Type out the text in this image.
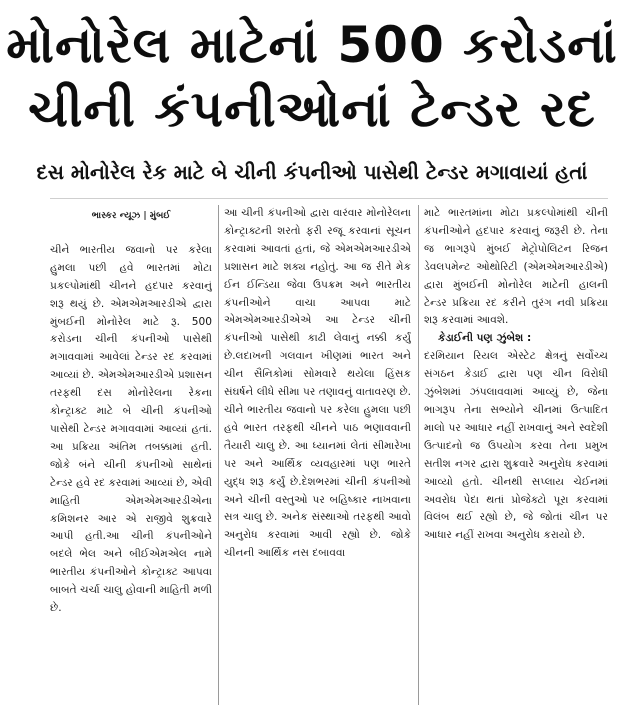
મોનોરેલ માટેનાં 500 કરોડનાં
ચીની કંપનીઓનાં ટેન્ડર રદ
દસ મોનોરેલ રેક માટે બે ચીની કંપનીઓ પાસેથી ટેન્ડર મગાવાયાં હતાં
ભાસ્કર ન્યૂઝ | મુંબઈ

ચીને ભારતીય જવાનો પર કરેલા હુમલા પછી હવે ભારતમાં મોટા પ્રકલ્પોમાંથી ચીનને હદપાર કરવાનું શરૂ થયું છે. એમએમઆરડીએ દ્વારા મુંબઈની મોનોરેલ માટે રૂ. 500 કરોડના ચીની કંપનીઓ પાસેથી મગાવવામાં આવેલાં ટેન્ડર રદ કરવામાં આવ્યાં છે. એમએમઆરડીએ પ્રશાસન તરફથી દસ મોનોરેલના રેકના કોન્ટ્રાક્ટ માટે બે ચીની કંપનીઓ પાસેથી ટેન્ડર મગાવવામાં આવ્યાં હતાં. આ પ્રક્રિયા અંતિમ તબક્કામાં હતી. જોકે બંને ચીની કંપનીઓ સાથેનાં ટેન્ડર હવે રદ કરવામાં આવ્યાં છે, એવી માહિતી એમએમઆરડીએના કમિશનર આર એ રાજીવે શુક્રવારે આપી હતી.આ ચીની કંપનીઓને બદલે ભેલ અને બીઈએમએલ નામે ભારતીય કંપનીઓને કોન્ટ્રાક્ટ આપવા બાબતે ચર્ચા ચાલુ હોવાની માહિતી મળી છે.

આ ચીની કંપનીઓ દ્વારા વારંવાર મોનોરેલના કોન્ટ્રાક્ટની શરતો ફરી રજૂ કરવાનાં સૂચન કરવામાં આવતાં હતાં, જે એમએમઆરડીએ પ્રશાસન માટે શક્ય નહોતું. આ જ રીતે મેક ઈન ઈન્ડિયા જેવા ઉપક્રમ અને ભારતીય કંપનીઓને વાચા આપવા માટે એમએમઆરડીએએ આ ટેન્ડર ચીની કંપનીઓ પાસેથી કાઢી લેવાનું નક્કી કર્યું છે.લદાખની ગલવાન ખીણમાં ભારત અને ચીન સૈનિકોમાં સોમવારે થયેલા હિંસક સંઘર્ષને લીધે સીમા પર તણાવનું વાતાવરણ છે. ચીને ભારતીય જવાનો પર કરેલા હુમલા પછી હવે ભારત તરફથી ચીનને પાઠ ભણાવવાની તૈયારી ચાલુ છે. આ ધ્યાનમાં લેતાં સીમારેખા પર અને આર્થિક વ્યવહારમાં પણ ભારતે યુદ્ધ શરૂ કર્યું છે.દેશભરમાં ચીની કંપનીઓ અને ચીની વસ્તુઓ પર બહિષ્કાર નાખવાના સત્ર ચાલુ છે. અનેક સંસ્થાઓ તરફથી આવો અનુરોધ કરવામાં આવી રહ્યો છે. જોકે ચીનની આર્થિક નસ દબાવવા

માટે ભારતમાંના મોટા પ્રકલ્પોમાંથી ચીની કંપનીઓને હદપાર કરવાનું જરૂરી છે. તેના જ ભાગરૂપે મુંબઈ મેટ્રોપોલિટન રિજન ડેવલપમેન્ટ ઓથોરિટી (એમએમઆરડીએ) દ્વારા મુંબઈની મોનોરેલ માટેની હાલની ટેન્ડર પ્રક્રિયા રદ કરીને તુરંગ નવી પ્રક્રિયા શરૂ કરવામાં આવશે.

કેડાઈની પણ ઝુંબેશ :

દરમિયાન રિયલ એસ્ટેટ ક્ષેત્રનું સર્વોચ્ચ સંગઠન કેડાઈ દ્વારા પણ ચીન વિરોધી ઝુંબેશમાં ઝંપલાવવામાં આવ્યું છે, જેના ભાગરૂપ તેના સભ્યોને ચીનમાં ઉત્પાદિત માલો પર આધાર નહીં રાખવાનું અને સ્વદેશી ઉત્પાદનો જ ઉપયોગ કરવા તેના પ્રમુખ સતીશ નગર દ્વારા શુક્રવારે અનુરોધ કરવામાં આવ્યો હતો. ચીનથી સપ્લાય ચેઈનમાં અવરોધ પેદા થતાં પ્રોજેક્ટો પૂરા કરવામાં વિલંબ થઈ રહ્યો છે, જે જોતાં ચીન પર આધાર નહીં રાખવા અનુરોધ કરાયો છે.
